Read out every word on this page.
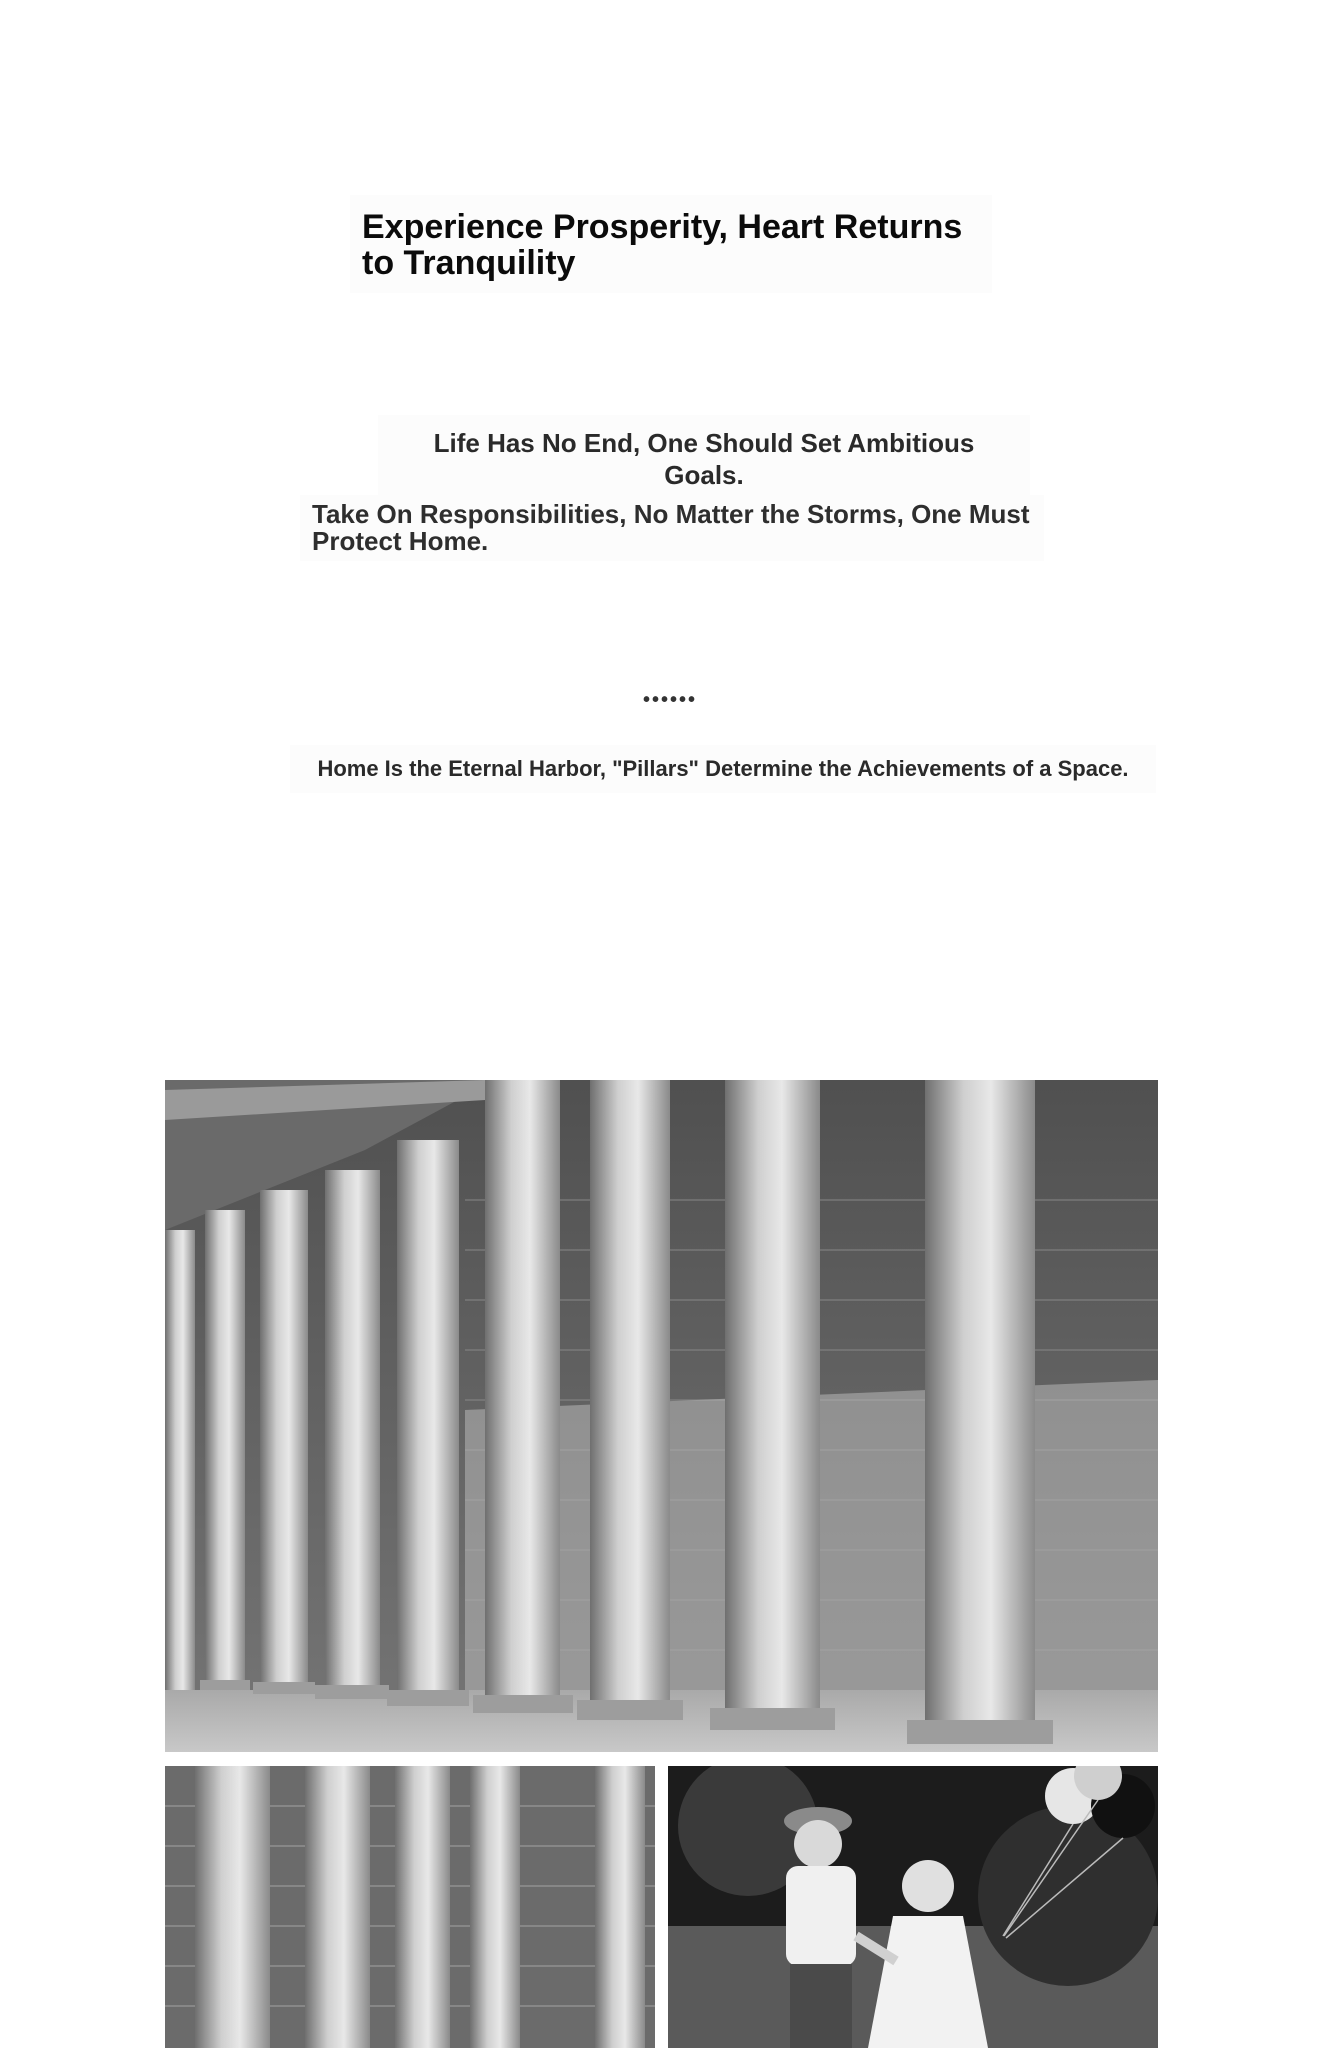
Experience Prosperity, Heart Returns to Tranquility
Life Has No End, One Should Set Ambitious Goals.
Take On Responsibilities, No Matter the Storms, One Must Protect Home.
••••••
Home Is the Eternal Harbor, "Pillars" Determine the Achievements of a Space.
